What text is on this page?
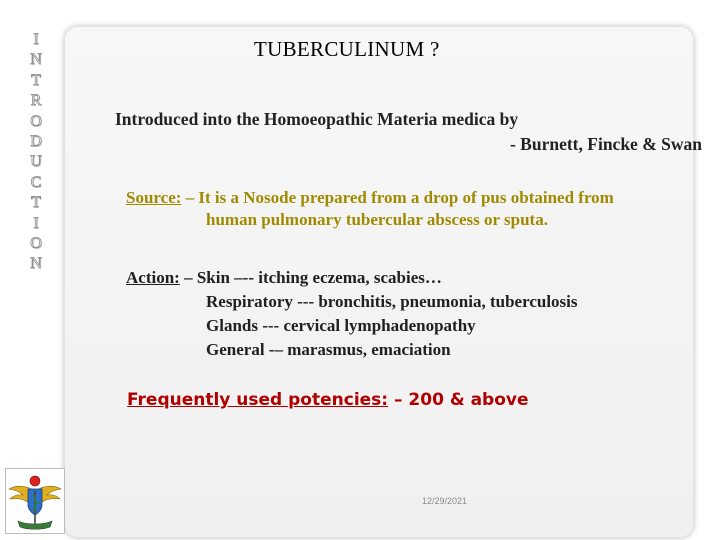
I
N
T
R
O
D
U
C
T
I
O
N
TUBERCULINUM ?
Introduced into the Homoeopathic Materia medica by
- Burnett, Fincke & Swan
Source: – It is a Nosode prepared from a drop of pus obtained from
human pulmonary tubercular abscess or sputa.
Action: – Skin –-- itching eczema, scabies…
Respiratory --- bronchitis, pneumonia, tuberculosis
Glands --- cervical lymphadenopathy
General -– marasmus, emaciation
Frequently used potencies: – 200 & above
12/29/2021
